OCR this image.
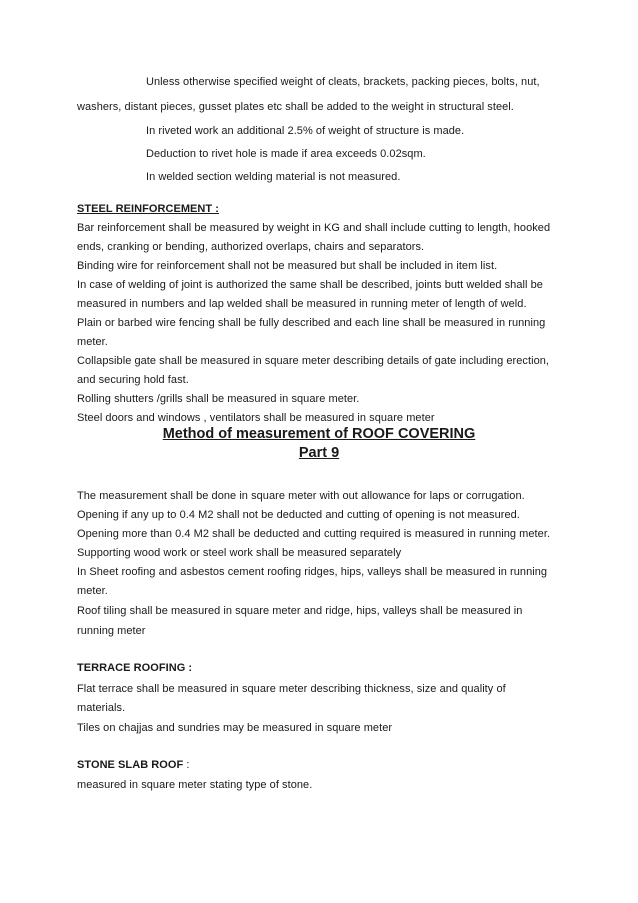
Unless otherwise specified weight of cleats, brackets, packing pieces, bolts, nut,
washers, distant pieces, gusset plates etc shall be added to the weight in structural steel.
In riveted work an additional 2.5% of weight of structure is made.
Deduction to rivet hole is made if area exceeds 0.02sqm.
In welded section welding material is not measured.
STEEL REINFORCEMENT :
Bar reinforcement shall be measured by weight in KG and shall include cutting to length, hooked
ends, cranking or bending, authorized overlaps, chairs and separators.
Binding wire for reinforcement shall not be measured but shall be included in item list.
In case of welding of joint is authorized the same shall be described, joints butt welded shall be
measured in numbers and lap welded shall be measured in running meter of length of weld.
Plain or barbed wire fencing shall be fully described and each line shall be measured in running
meter.
Collapsible gate shall be measured in square meter describing details of gate including erection,
and securing hold fast.
Rolling shutters /grills shall be measured in square meter.
Steel doors and windows , ventilators shall be measured in square meter
Method of measurement of ROOF COVERING
Part 9
The measurement shall be done in square meter with out allowance for laps or corrugation.
Opening if any up to 0.4 M2 shall not be deducted and cutting of opening is not measured.
Opening more than 0.4 M2 shall be deducted and cutting required is measured in running meter.
Supporting wood work or steel work shall be measured separately
In Sheet roofing and asbestos cement roofing ridges, hips, valleys shall be measured in running
meter.
Roof tiling shall be measured in square meter and ridge, hips, valleys shall be measured in
running meter
TERRACE ROOFING :
Flat terrace shall be measured in square meter describing thickness, size and quality of
materials.
Tiles on chajjas and sundries may be measured in square meter
STONE SLAB ROOF :
measured in square meter stating type of stone.
